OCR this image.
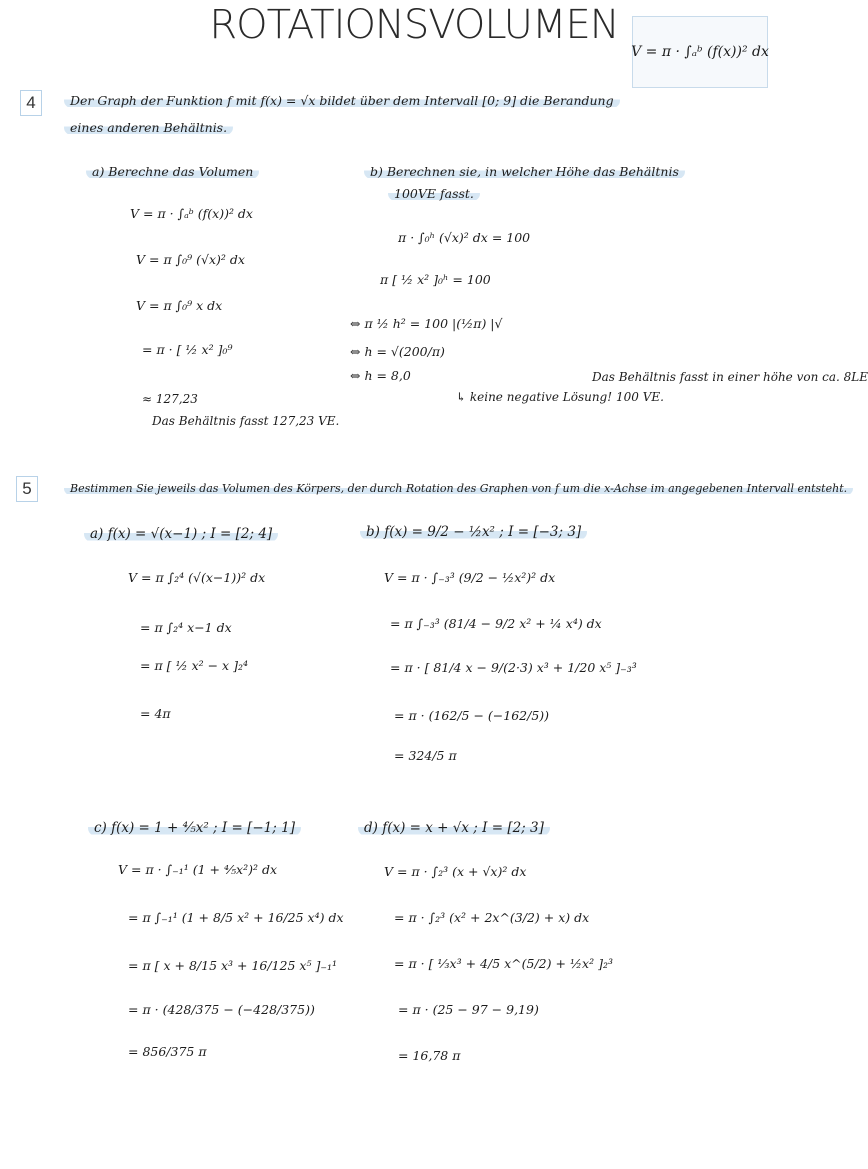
ROTATIONSVOLUMEN
V = π · ∫ₐᵇ (f(x))² dx
4	Der Graph der Funktion f mit f(x) = √x bildet über dem Intervall [0; 9] die Berandung
eines anderen Behältnis.
a) Berechne das Volumen
V = π · ∫ₐᵇ (f(x))² dx
V = π ∫₀⁹ (√x)² dx
V = π ∫₀⁹ x dx
= π · [ ½ x² ]₀⁹
≈ 127,23
Das Behältnis fasst 127,23 VE.
b) Berechnen sie, in welcher Höhe das Behältnis
100VE fasst.
π · ∫₀ʰ (√x)² dx = 100
π [ ½ x² ]₀ʰ = 100
⇔ π ½ h² = 100 |(½π) |√
⇔ h = √(200/π)
⇔ h = 8,0
↳ keine negative Lösung!
Das Behältnis fasst in einer höhe von ca. 8LE
100 VE.
5	Bestimmen Sie jeweils das Volumen des Körpers, der durch Rotation des Graphen von f um die x-Achse im angegebenen Intervall entsteht.
a) f(x) = √(x−1) ; I = [2; 4]
V = π ∫₂⁴ (√(x−1))² dx
= π ∫₂⁴ x−1 dx
= π [ ½ x² − x ]₂⁴
= 4π
b) f(x) = 9/2 − ½x² ; I = [−3; 3]
V = π · ∫₋₃³ (9/2 − ½x²)² dx
= π ∫₋₃³ (81/4 − 9/2 x² + ¼ x⁴) dx
= π · [ 81/4 x − 9/(2·3) x³ + 1/20 x⁵ ]₋₃³
= π · (162/5 − (−162/5))
= 324/5 π
c) f(x) = 1 + ⅘x² ; I = [−1; 1]
V = π · ∫₋₁¹ (1 + ⅘x²)² dx
= π ∫₋₁¹ (1 + 8/5 x² + 16/25 x⁴) dx
= π [ x + 8/15 x³ + 16/125 x⁵ ]₋₁¹
= π · (428/375 − (−428/375))
= 856/375 π
d) f(x) = x + √x ; I = [2; 3]
V = π · ∫₂³ (x + √x)² dx
= π · ∫₂³ (x² + 2x^(3/2) + x) dx
= π · [ ⅓x³ + 4/5 x^(5/2) + ½x² ]₂³
= π · (25 − 97 − 9,19)
= 16,78 π
